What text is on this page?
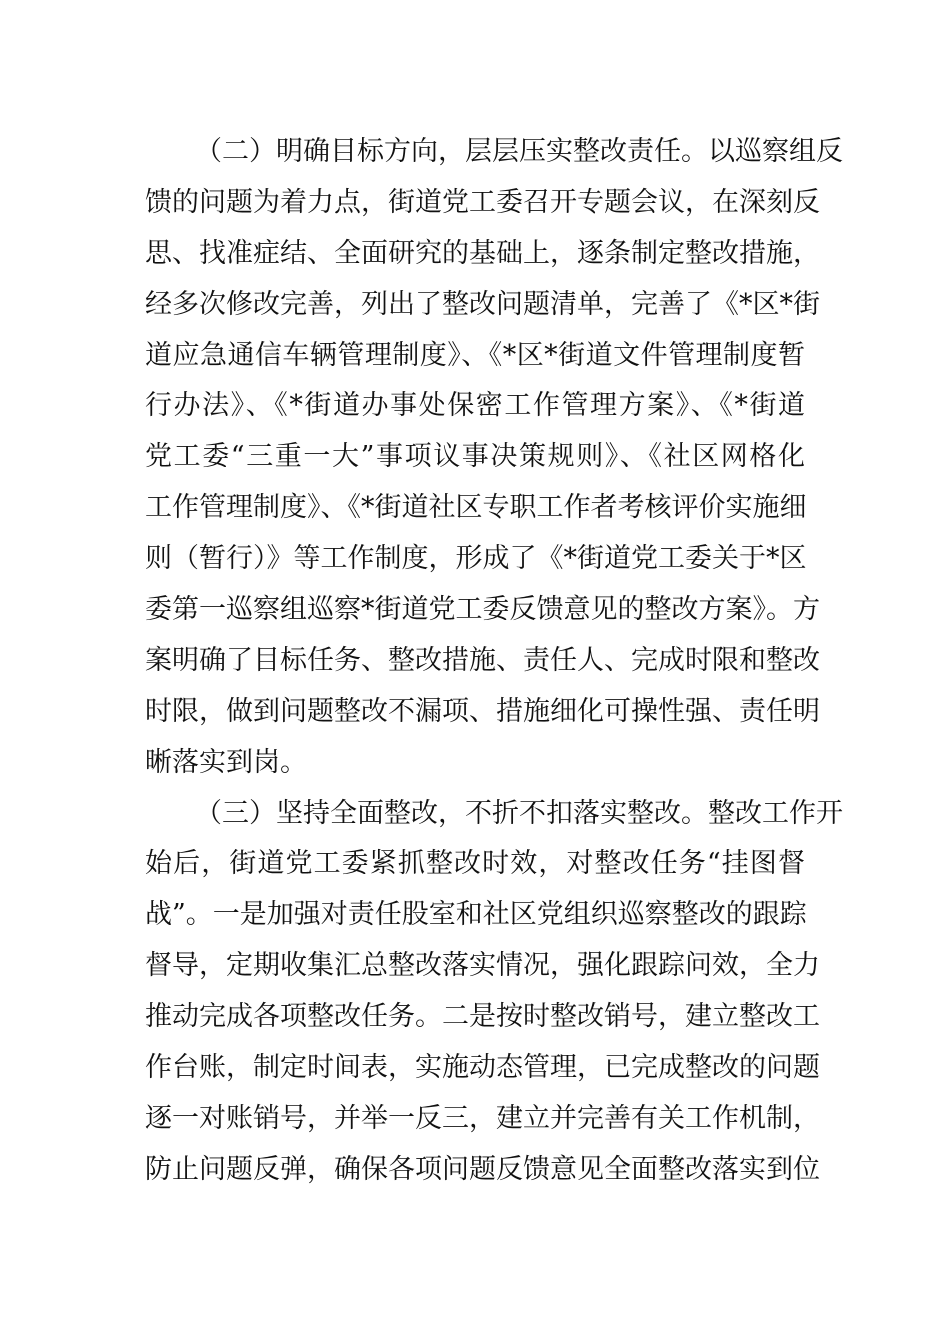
（二）明确目标方向，层层压实整改责任。以巡察组反
馈的问题为着力点，街道党工委召开专题会议，在深刻反
思、找准症结、全面研究的基础上，逐条制定整改措施，
经多次修改完善，列出了整改问题清单，完善了《*区*街
道应急通信车辆管理制度》、《*区*街道文件管理制度暂
行办法》、《*街道办事处保密工作管理方案》、《*街道
党工委“三重一大”事项议事决策规则》、《社区网格化
工作管理制度》、《*街道社区专职工作者考核评价实施细
则（暂行）》等工作制度，形成了《*街道党工委关于*区
委第一巡察组巡察*街道党工委反馈意见的整改方案》。方
案明确了目标任务、整改措施、责任人、完成时限和整改
时限，做到问题整改不漏项、措施细化可操性强、责任明
晰落实到岗。
（三）坚持全面整改，不折不扣落实整改。整改工作开
始后，街道党工委紧抓整改时效，对整改任务“挂图督
战”。一是加强对责任股室和社区党组织巡察整改的跟踪
督导，定期收集汇总整改落实情况，强化跟踪问效，全力
推动完成各项整改任务。二是按时整改销号，建立整改工
作台账，制定时间表，实施动态管理，已完成整改的问题
逐一对账销号，并举一反三，建立并完善有关工作机制，
防止问题反弹，确保各项问题反馈意见全面整改落实到位
